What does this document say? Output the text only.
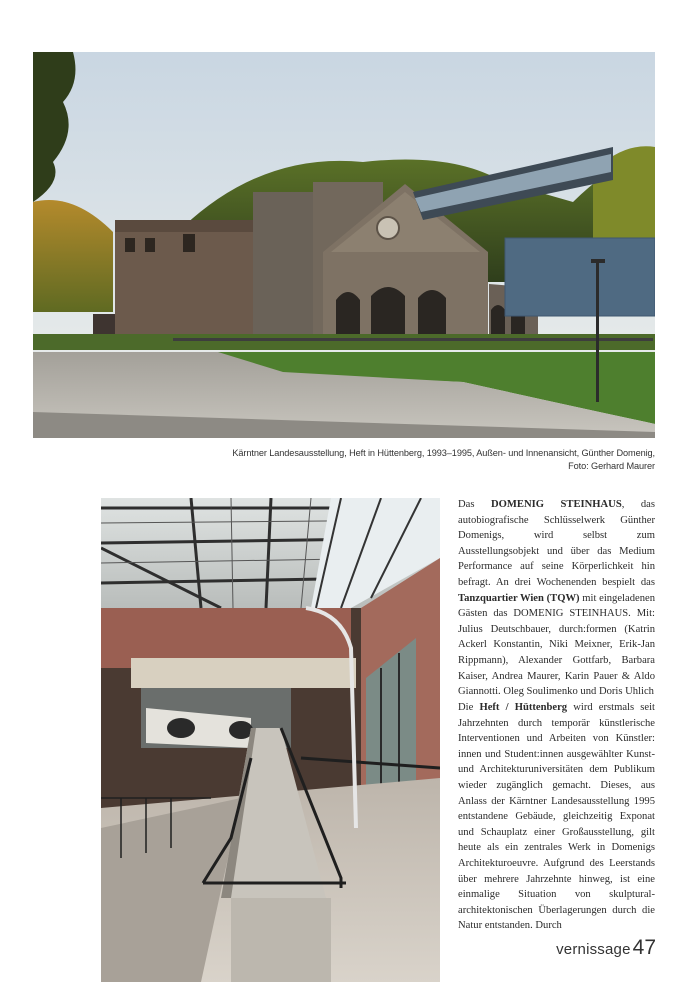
Kärntner Landesausstellung, Heft in Hüttenberg, 1993–1995, Außen- und Innenansicht, Günther Domenig,
Foto: Gerhard Maurer
Das DOMENIG STEINHAUS, das autobiografische Schlüsselwerk Günther Domenigs, wird selbst zum Ausstellungsobjekt und über das Medium Performance auf seine Körperlichkeit hin befragt. An drei Wochenenden bespielt das Tanzquartier Wien (TQW) mit eingeladenen Gästen das DOMENIG STEINHAUS. Mit: Julius Deutschbauer, durch:formen (Katrin Ackerl Konstantin, Niki Meixner, Erik-Jan Rippmann), Alexander Gottfarb, Barbara Kaiser, Andrea Maurer, Karin Pauer & Aldo Giannotti. Oleg Soulimenko und Doris Uhlich
Die Heft / Hüttenberg wird erstmals seit Jahrzehnten durch temporär künstlerische Interventionen und Arbeiten von Künstler: innen und Student:innen ausgewählter Kunst- und Architekturuniversitäten dem Publikum wieder zugänglich gemacht. Dieses, aus Anlass der Kärntner Landesausstellung 1995 entstandene Gebäude, gleichzeitig Exponat und Schauplatz einer Großausstellung, gilt heute als ein zentrales Werk in Domenigs Architekturoeuvre. Aufgrund des Leerstands über mehrere Jahrzehnte hinweg, ist eine einmalige Situation von skulptural-architektonischen Überlagerungen durch die Natur entstanden. Durch
vernissage47
